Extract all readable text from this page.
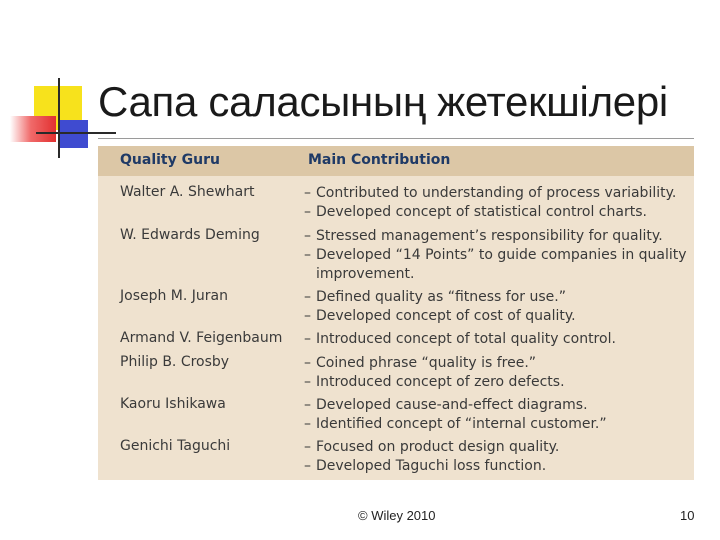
Сапа саласының жетекшілері
Quality Guru	Main Contribution
Walter A. Shewhart	– Contributed to understanding of process variability.
– Developed concept of statistical control charts.
W. Edwards Deming	– Stressed management’s responsibility for quality.
– Developed “14 Points” to guide companies in quality improvement.
Joseph M. Juran	– Defined quality as “fitness for use.”
– Developed concept of cost of quality.
Armand V. Feigenbaum – Introduced concept of total quality control.
Philip B. Crosby	– Coined phrase “quality is free.”
– Introduced concept of zero defects.
Kaoru Ishikawa	– Developed cause-and-effect diagrams.
– Identified concept of “internal customer.”
Genichi Taguchi	– Focused on product design quality.
– Developed Taguchi loss function.
© Wiley 2010	10
